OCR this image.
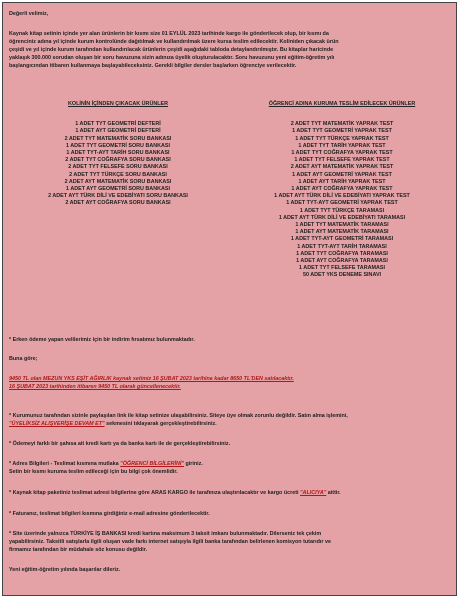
Değerli velimiz,
Kaynak kitap setinin içinde yer alan ürünlerin bir kısmı size 01 EYLÜL 2023 tarihinde kargo ile gönderilecek olup, bir kısmı da
öğrenciniz adına yıl içinde kurum kontrolünde dağıtılmak ve kullandırılmak üzere kursa teslim edilecektir. Koliniden çıkacak ürün
çeşidi ve yıl içinde kurum tarafından kullandırılacak ürünlerin çeşidi aşağıdaki tabloda detaylandırılmıştır. Bu kitaplar haricinde
yaklaşık 300.000 sorudan oluşan bir soru havuzuna sizin adınıza üyelik oluşturulacaktır. Soru havuzunu yeni eğitim-öğretim yılı
başlangıcından itibaren kullanmaya başlayabileceksiniz. Gerekli bilgiler dersler başlarken öğrenciye verilecektir.
KOLİNİN İÇİNDEN ÇIKACAK ÜRÜNLER
1 ADET TYT GEOMETRİ DEFTERİ
1 ADET AYT GEOMETRİ DEFTERİ
2 ADET TYT MATEMATİK SORU BANKASI
1 ADET TYT GEOMETRİ SORU BANKASI
1 ADET TYT-AYT TARİH SORU BANKASI
2 ADET TYT COĞRAFYA SORU BANKASI
2 ADET TYT FELSEFE SORU BANKASI
2 ADET TYT TÜRKÇE SORU BANKASI
2 ADET AYT MATEMATİK SORU BANKASI
1 ADET AYT GEOMETRİ SORU BANKASI
2 ADET AYT TÜRK DİLİ VE EDEBİYATI SORU BANKASI
2 ADET AYT COĞRAFYA SORU BANKASI
ÖĞRENCİ ADINA KURUMA TESLİM EDİLECEK ÜRÜNLER
2 ADET TYT MATEMATİK YAPRAK TEST
1 ADET TYT GEOMETRİ YAPRAK TEST
1 ADET TYT TÜRKÇE YAPRAK TEST
1 ADET TYT TARİH YAPRAK TEST
1 ADET TYT COĞRAFYA YAPRAK TEST
1 ADET TYT FELSEFE YAPRAK TEST
2 ADET AYT MATEMATİK YAPRAK TEST
1 ADET AYT GEOMETRİ YAPRAK TEST
1 ADET AYT TARİH YAPRAK TEST
1 ADET AYT COĞRAFYA YAPRAK TEST
1 ADET AYT TÜRK DİLİ VE EDEBİYATI YAPRAK TEST
1 ADET TYT-AYT GEOMETRİ YAPRAK TEST
1 ADET TYT TÜRKÇE TARAMASI
1 ADET AYT TÜRK DİLİ VE EDEBİYATI TARAMASI
1 ADET TYT MATEMATİK TARAMASI
1 ADET AYT MATEMATİK TARAMASI
1 ADET TYT-AYT GEOMETRİ TARAMASI
1 ADET TYT-AYT TARİH TARAMASI
1 ADET TYT COĞRAFYA TARAMASI
1 ADET AYT COĞRAFYA TARAMASI
1 ADET TYT FELSEFE TARAMASI
50 ADET YKS DENEME SINAVI
* Erken ödeme yapan velilerimiz için bir indirim fırsatımız bulunmaktadır.
Buna göre;
9450 TL olan MEZUN YKS EŞİT AĞIRLIK kaynak setimiz 16 ŞUBAT 2023 tarihine kadar 8650 TL'DEN satılacaktır.
16 ŞUBAT 2023 tarihinden itibaren 9450 TL olarak güncellenecektir.
* Kurumunuz tarafından sizinle paylaşılan link ile kitap setinize ulaşabilirsiniz. Siteye üye olmak zorunlu değildir. Satın alma işlemini,
"ÜYELİKSİZ ALIŞVERİŞE DEVAM ET" sekmesini tıklayarak gerçekleştirebilirsiniz.
* Ödemeyi farklı bir şahısa ait kredi kartı ya da banka kartı ile de gerçekleştirebilirsiniz.
* Adres Bilgileri - Teslimat kısmına mutlaka "ÖĞRENCİ BİLGİLERİNİ" giriniz.
Setin bir kısmı kuruma teslim edileceği için bu bilgi çok önemlidir.
* Kaynak kitap paketiniz teslimat adresi bilgilerine göre ARAS KARGO ile tarafınıza ulaştırılacaktır ve kargo ücreti "ALICIYA" aittir.
* Faturanız, teslimat bilgileri kısmına girdiğiniz e-mail adresine gönderilecektir.
* Site üzerinde yalnızca TÜRKİYE İŞ BANKASI kredi kartına maksimum 3 taksit imkanı bulunmaktadır. Dilerseniz tek çekim
yapabilirsiniz. Taksitli satışlarla ilgili oluşan vade farkı internet satışıyla ilgili banka tarafından belirlenen komisyon tutarıdır ve
firmamız tarafından bir müdahale söz konusu değildir.
Yeni eğitim-öğretim yılında başarılar dileriz.
